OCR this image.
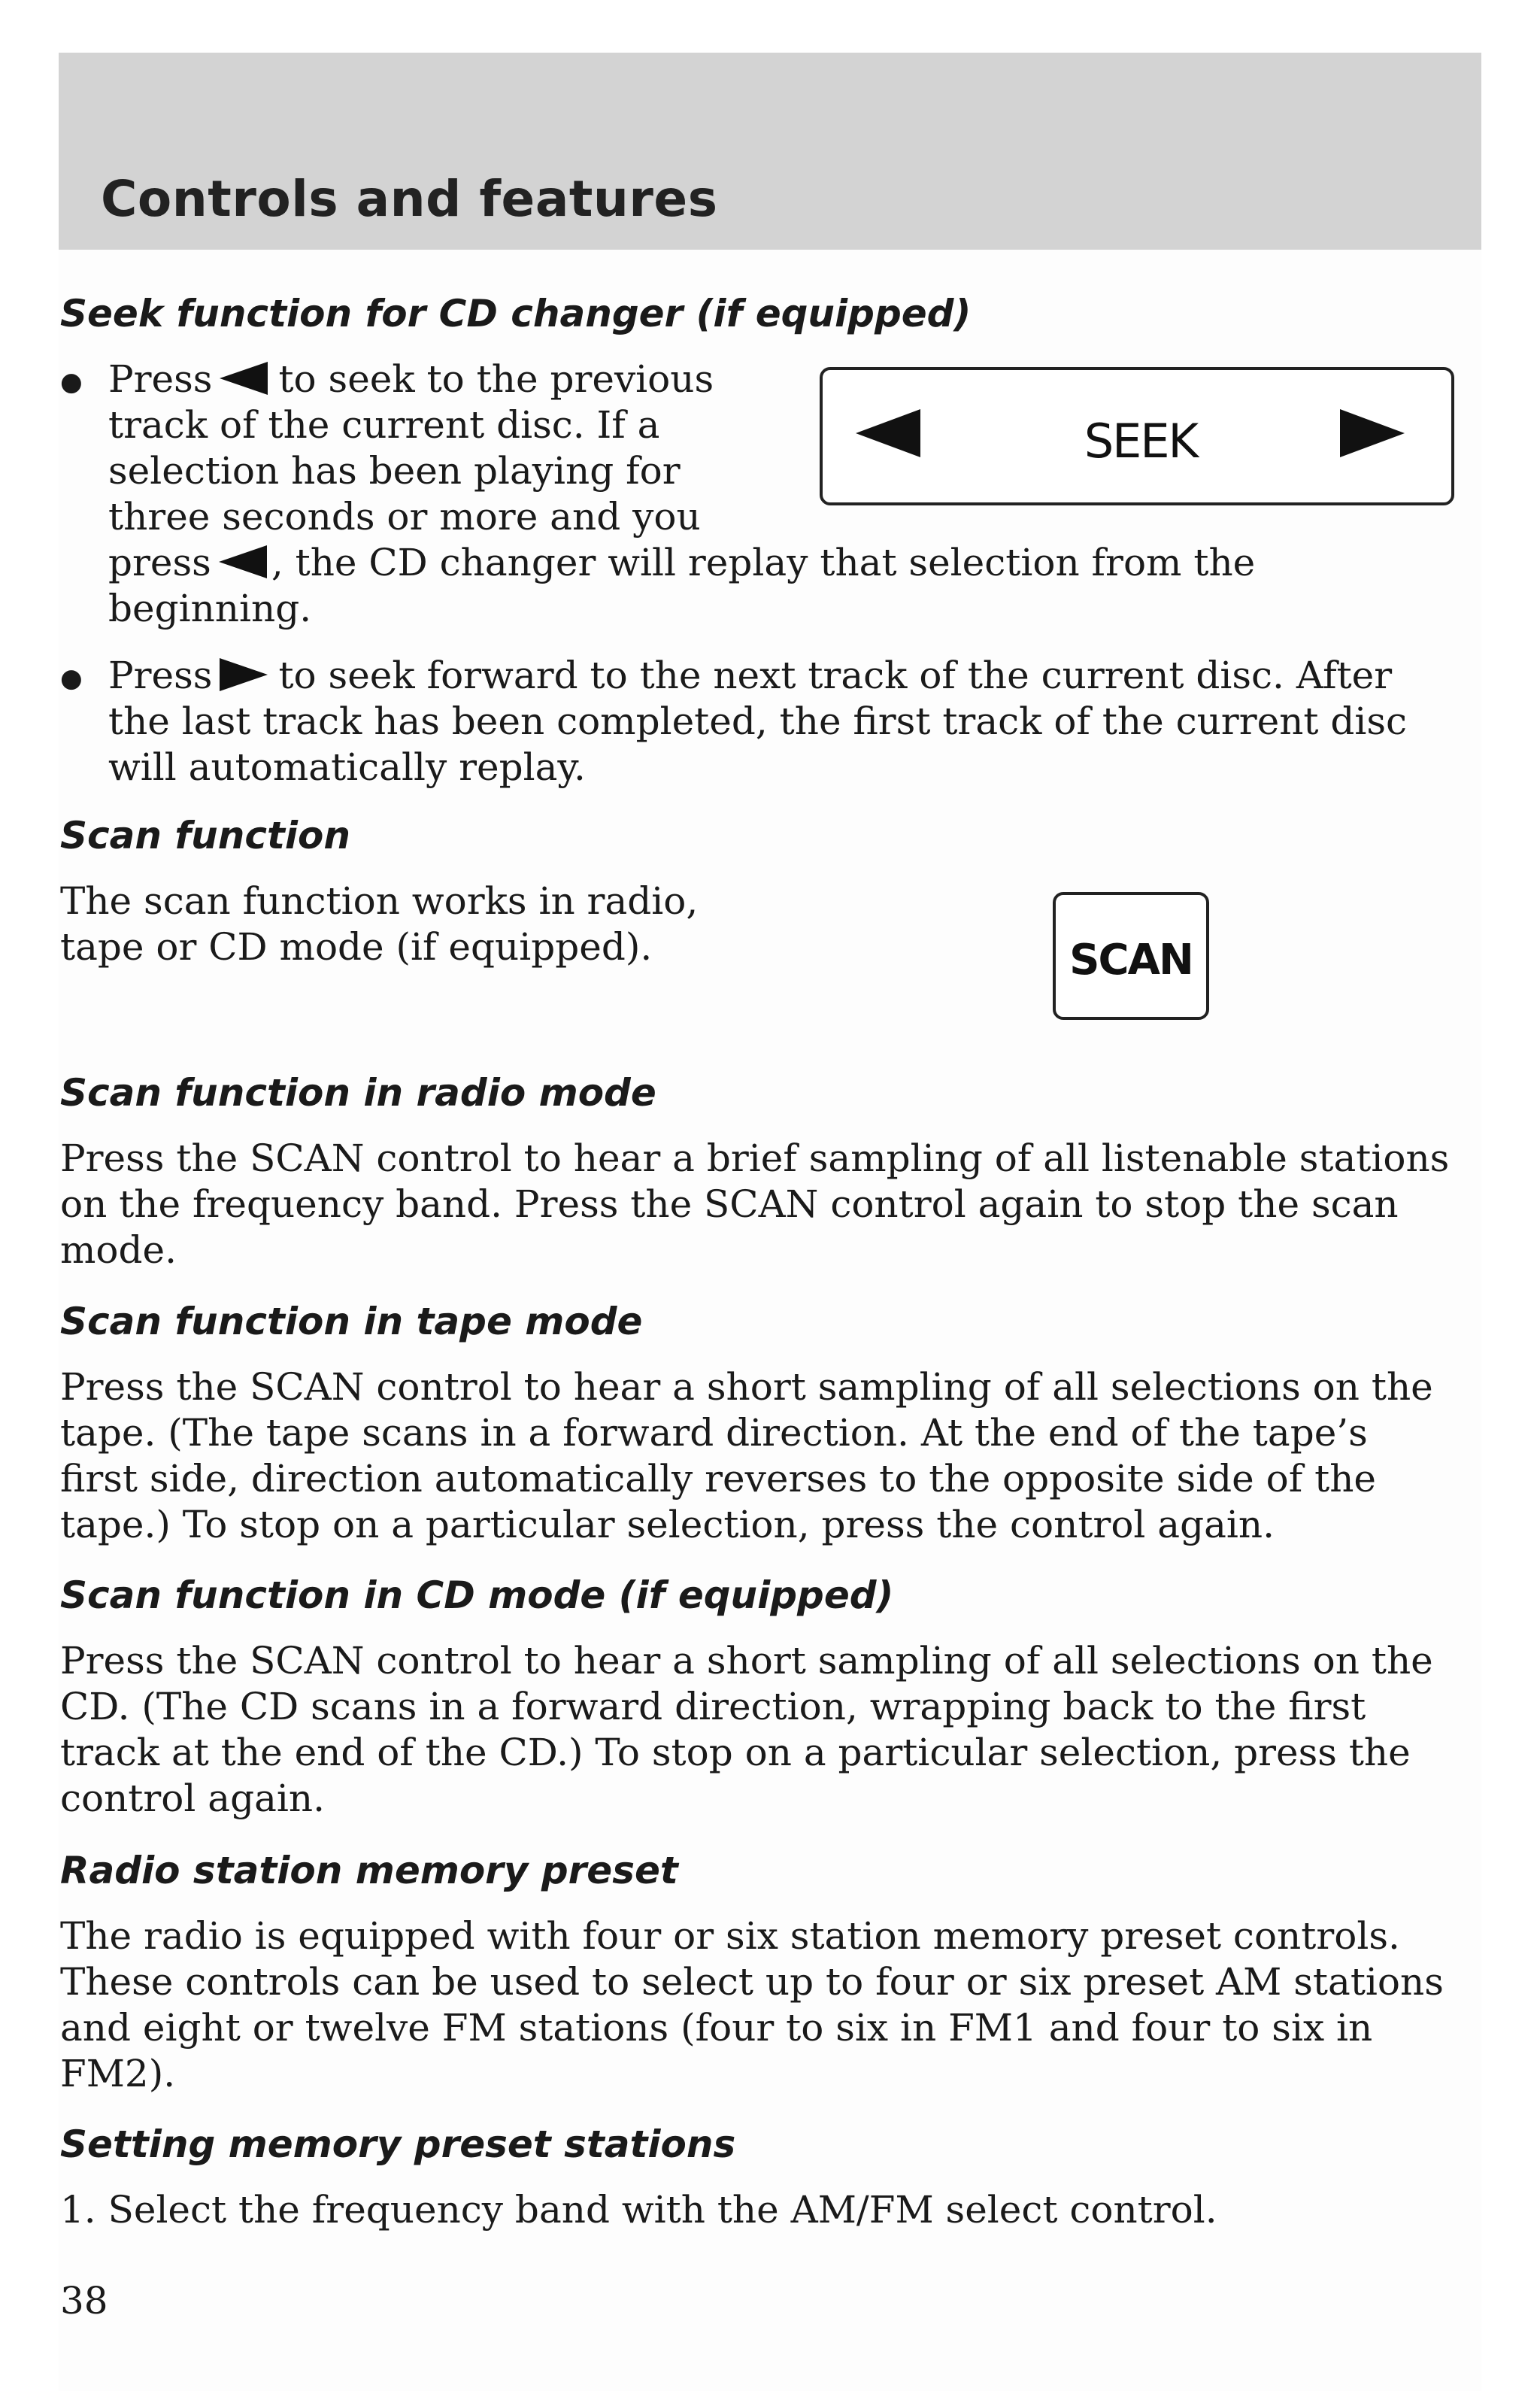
Controls and features
Seek function for CD changer (if equipped)
● Press to seek to the previous
track of the current disc. If a
selection has been playing for
three seconds or more and you
press , the CD changer will replay that selection from the
beginning.
SEEK
● Press to seek forward to the next track of the current disc. After
the last track has been completed, the first track of the current disc
will automatically replay.
Scan function
The scan function works in radio,
tape or CD mode (if equipped).	SCAN
Scan function in radio mode
Press the SCAN control to hear a brief sampling of all listenable stations
on the frequency band. Press the SCAN control again to stop the scan
mode.
Scan function in tape mode
Press the SCAN control to hear a short sampling of all selections on the
tape. (The tape scans in a forward direction. At the end of the tape’s
first side, direction automatically reverses to the opposite side of the
tape.) To stop on a particular selection, press the control again.
Scan function in CD mode (if equipped)
Press the SCAN control to hear a short sampling of all selections on the
CD. (The CD scans in a forward direction, wrapping back to the first
track at the end of the CD.) To stop on a particular selection, press the
control again.
Radio station memory preset
The radio is equipped with four or six station memory preset controls.
These controls can be used to select up to four or six preset AM stations
and eight or twelve FM stations (four to six in FM1 and four to six in
FM2).
Setting memory preset stations
1. Select the frequency band with the AM/FM select control.
38
